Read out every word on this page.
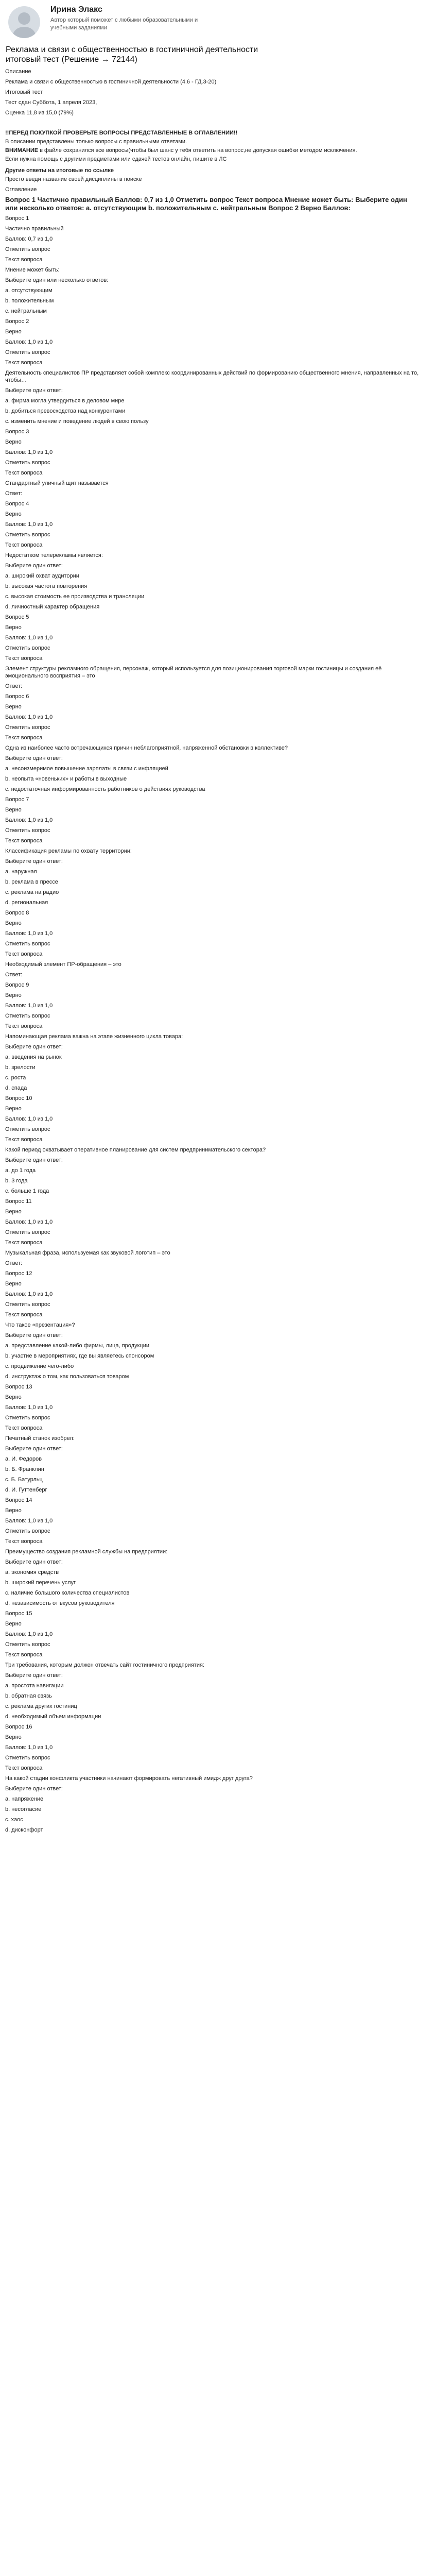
Ирина Элакс
Автор который поможет с любыми образовательными и учебными заданиями
Реклама и связи с общественностью в гостиничной деятельности итоговый тест (Решение → 72144)
Описание
Реклама и связи с общественностью в гостиничной деятельности (4.6 - ГД.3-20)
Итоговый тест
Тест сдан Суббота, 1 апреля 2023,
Оценка 11,8 из 15,0 (79%)
!!ПЕРЕД ПОКУПКОЙ ПРОВЕРЬТЕ ВОПРОСЫ ПРЕДСТАВЛЕННЫЕ В ОГЛАВЛЕНИИ!!
В описании представлены только вопросы с правильными ответами.
ВНИМАНИЕ в файле сохранился все вопросы(чтобы был шанс у тебя ответить на вопрос,не допуская ошибки методом исключения.
Если нужна помощь с другими предметами или сдачей тестов онлайн, пишите в ЛС
Другие ответы на итоговые по ссылке
Просто введи название своей дисциплины в поиске
Оглавление
Вопрос 1 Частично правильный Баллов: 0,7 из 1,0 Отметить вопрос Текст вопроса Мнение может быть: Выберите один или несколько ответов: a. отсутствующим b. положительным c. нейтральным Вопрос 2 Верно Баллов:
Вопрос 1
Частично правильный
Баллов: 0,7 из 1,0
Отметить вопрос
Текст вопроса
Мнение может быть:
Выберите один или несколько ответов:
a. отсутствующим
b. положительным
c. нейтральным
Вопрос 2
Верно
Баллов: 1,0 из 1,0
Отметить вопрос
Текст вопроса
Деятельность специалистов ПР представляет собой комплекс координированных действий по формированию общественного мнения, направленных на то, чтобы…
Выберите один ответ:
a. фирма могла утвердиться в деловом мире
b. добиться превосходства над конкурентами
c. изменить мнение и поведение людей в свою пользу
Вопрос 3
Верно
Баллов: 1,0 из 1,0
Отметить вопрос
Текст вопроса
Стандартный уличный щит называется
Ответ:
Вопрос 4
Верно
Баллов: 1,0 из 1,0
Отметить вопрос
Текст вопроса
Недостатком телерекламы является:
Выберите один ответ:
a. широкий охват аудитории
b. высокая частота повторения
c. высокая стоимость ее производства и трансляции
d. личностный характер обращения
Вопрос 5
Верно
Баллов: 1,0 из 1,0
Отметить вопрос
Текст вопроса
Элемент структуры рекламного обращения, персонаж, который используется для позиционирования торговой марки гостиницы и создания её эмоционального восприятия – это
Ответ:
Вопрос 6
Верно
Баллов: 1,0 из 1,0
Отметить вопрос
Текст вопроса
Одна из наиболее часто встречающихся причин неблагоприятной, напряженной обстановки в коллективе?
Выберите один ответ:
a. несоизмеримое повышение зарплаты в связи с инфляцией
b. неопыта «новеньких» и работы в выходные
c. недостаточная информированность работников о действиях руководства
Вопрос 7
Верно
Баллов: 1,0 из 1,0
Отметить вопрос
Текст вопроса
Классификация рекламы по охвату территории:
Выберите один ответ:
a. наружная
b. реклама в прессе
c. реклама на радио
d. региональная
Вопрос 8
Верно
Баллов: 1,0 из 1,0
Отметить вопрос
Текст вопроса
Необходимый элемент ПР-обращения – это
Ответ:
Вопрос 9
Верно
Баллов: 1,0 из 1,0
Отметить вопрос
Текст вопроса
Напоминающая реклама важна на этапе жизненного цикла товара:
Выберите один ответ:
a. введения на рынок
b. зрелости
c. роста
d. спада
Вопрос 10
Верно
Баллов: 1,0 из 1,0
Отметить вопрос
Текст вопроса
Какой период охватывает оперативное планирование для систем предпринимательского сектора?
Выберите один ответ:
a. до 1 года
b. 3 года
c. больше 1 года
Вопрос 11
Верно
Баллов: 1,0 из 1,0
Отметить вопрос
Текст вопроса
Музыкальная фраза, используемая как звуковой логотип – это
Ответ:
Вопрос 12
Верно
Баллов: 1,0 из 1,0
Отметить вопрос
Текст вопроса
Что такое «презентация»?
Выберите один ответ:
a. представление какой-либо фирмы, лица, продукции
b. участие в мероприятиях, где вы являетесь спонсором
c. продвижение чего-либо
d. инструктаж о том, как пользоваться товаром
Вопрос 13
Верно
Баллов: 1,0 из 1,0
Отметить вопрос
Текст вопроса
Печатный станок изобрел:
Выберите один ответ:
a. И. Федоров
b. Б. Франклин
c. Б. Батурльц
d. И. Гуттенберг
Вопрос 14
Верно
Баллов: 1,0 из 1,0
Отметить вопрос
Текст вопроса
Преимущество создания рекламной службы на предприятии:
Выберите один ответ:
a. экономия средств
b. широкий перечень услуг
c. наличие большого количества специалистов
d. независимость от вкусов руководителя
Вопрос 15
Верно
Баллов: 1,0 из 1,0
Отметить вопрос
Текст вопроса
Три требования, которым должен отвечать сайт гостиничного предприятия:
Выберите один ответ:
a. простота навигации
b. обратная связь
c. реклама других гостиниц
d. необходимый объем информации
Вопрос 16
Верно
Баллов: 1,0 из 1,0
Отметить вопрос
Текст вопроса
На какой стадии конфликта участники начинают формировать негативный имидж друг друга?
Выберите один ответ:
a. напряжение
b. несогласие
c. хаос
d. дисконфорт
